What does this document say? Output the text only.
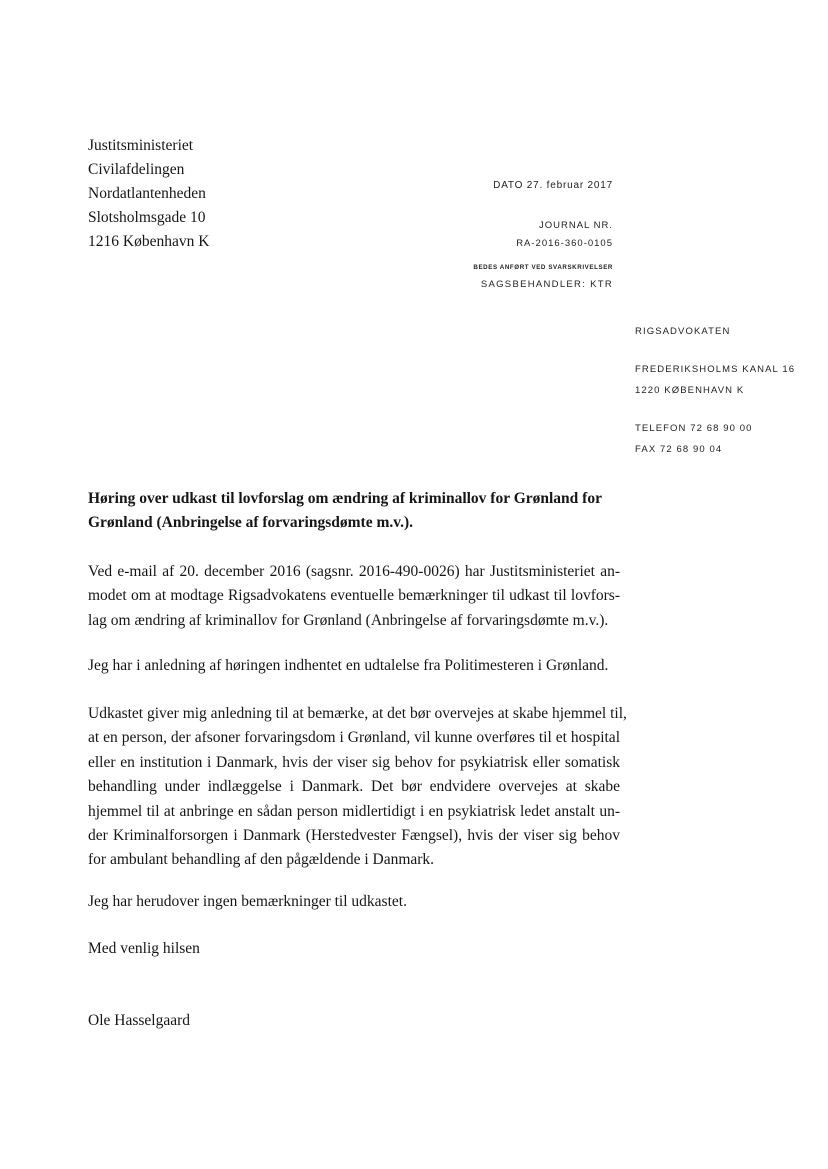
Justitsministeriet
Civilafdelingen
Nordatlantenheden
Slotsholmsgade 10
1216 København K
DATO 27. februar 2017
JOURNAL NR.
RA-2016-360-0105
BEDES ANFØRT VED SVARSKRIVELSER
SAGSBEHANDLER: KTR
RIGSADVOKATEN
FREDERIKSHOLMS KANAL 16
1220 KØBENHAVN K
TELEFON 72 68 90 00
FAX 72 68 90 04
Høring over udkast til lovforslag om ændring af kriminallov for Grønland for
Grønland (Anbringelse af forvaringsdømte m.v.).
Ved e-mail af 20. december 2016 (sagsnr. 2016-490-0026) har Justitsministeriet an-
modet om at modtage Rigsadvokatens eventuelle bemærkninger til udkast til lovfors-
lag om ændring af kriminallov for Grønland (Anbringelse af forvaringsdømte m.v.).
Jeg har i anledning af høringen indhentet en udtalelse fra Politimesteren i Grønland.
Udkastet giver mig anledning til at bemærke, at det bør overvejes at skabe hjemmel til,
at en person, der afsoner forvaringsdom i Grønland, vil kunne overføres til et hospital
eller en institution i Danmark, hvis der viser sig behov for psykiatrisk eller somatisk
behandling under indlæggelse i Danmark. Det bør endvidere overvejes at skabe
hjemmel til at anbringe en sådan person midlertidigt i en psykiatrisk ledet anstalt un-
der Kriminalforsorgen i Danmark (Herstedvester Fængsel), hvis der viser sig behov
for ambulant behandling af den pågældende i Danmark.
Jeg har herudover ingen bemærkninger til udkastet.
Med venlig hilsen
Ole Hasselgaard
